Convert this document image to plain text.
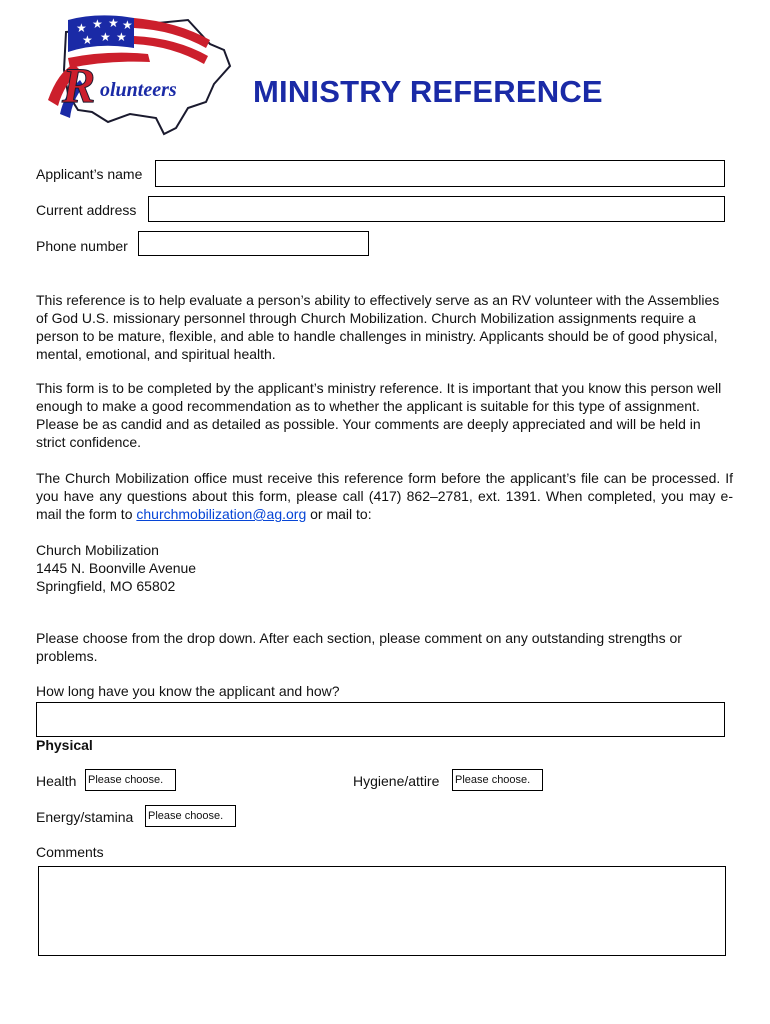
★ ★ ★ ★
★ ★ ★
R olunteers MINISTRY REFERENCE
Applicant’s name
Current address
Phone number
This reference is to help evaluate a person’s ability to effectively serve as an RV volunteer with the Assemblies of God U.S. missionary personnel through Church Mobilization. Church Mobilization assignments require a person to be mature, flexible, and able to handle challenges in ministry. Applicants should be of good physical, mental, emotional, and spiritual health.
This form is to be completed by the applicant’s ministry reference. It is important that you know this person well enough to make a good recommendation as to whether the applicant is suitable for this type of assignment. Please be as candid and as detailed as possible. Your comments are deeply appreciated and will be held in strict confidence.
The Church Mobilization office must receive this reference form before the applicant’s file can be processed. If you have any questions about this form, please call (417) 862–2781, ext. 1391. When completed, you may e-mail the form to churchmobilization@ag.org or mail to:
Church Mobilization
1445 N. Boonville Avenue
Springfield, MO 65802
Please choose from the drop down. After each section, please comment on any outstanding strengths or problems.
How long have you know the applicant and how?
Physical
Health Please choose.	Hygiene/attire Please choose.
Energy/stamina Please choose.
Comments
